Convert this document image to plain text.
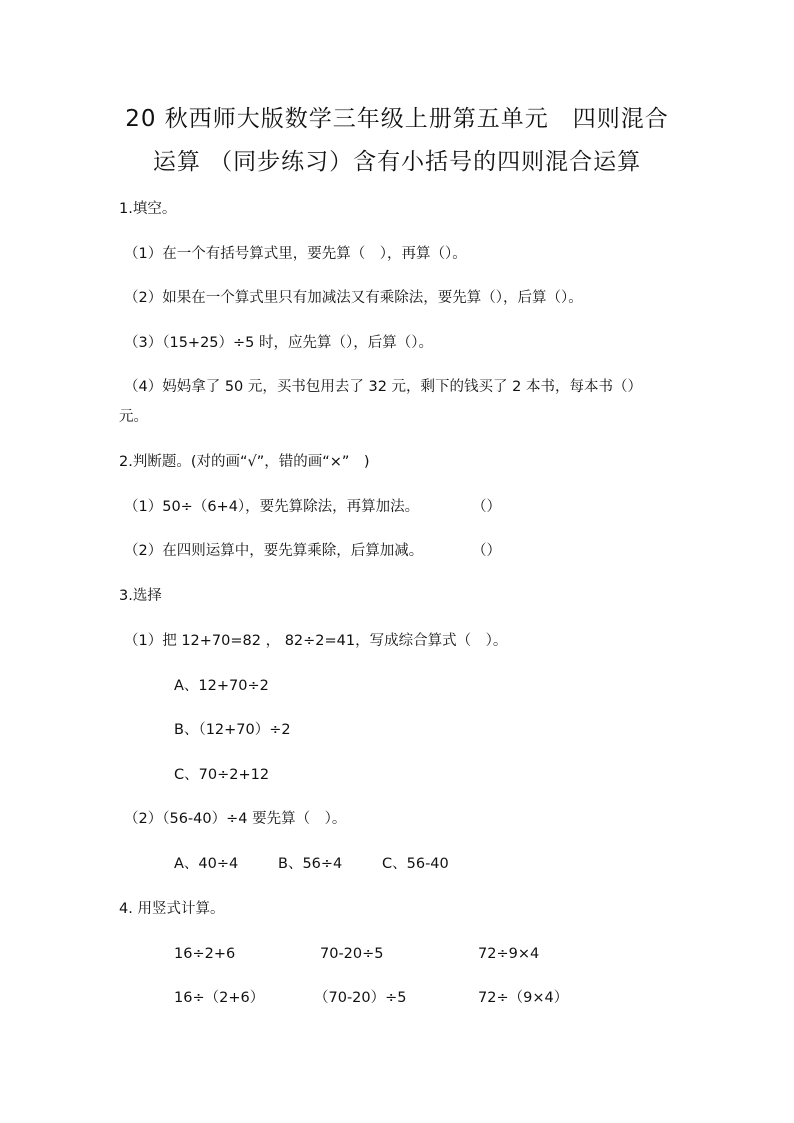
20 秋西师大版数学三年级上册第五单元　四则混合
运算 （同步练习）含有小括号的四则混合运算
1.填空。
（1）在一个有括号算式里，要先算（　），再算（）。
（2）如果在一个算式里只有加减法又有乘除法，要先算（），后算（）。
（3）（15+25）÷5 时，应先算（），后算（）。
（4）妈妈拿了 50 元，买书包用去了 32 元，剩下的钱买了 2 本书，每本书（）
元。
2.判断题。(对的画“√”，错的画“×”　)
（1）50÷（6+4），要先算除法，再算加法。	（）
（2）在四则运算中，要先算乘除，后算加减。	（）
3.选择
（1）把 12+70=82 ， 82÷2=41，写成综合算式（　）。
A、12+70÷2
B、（12+70）÷2
C、70÷2+12
（2）（56-40）÷4 要先算（　）。
A、40÷4	B、56÷4	C、56-40
4. 用竖式计算。
16÷2+6	70-20÷5	72÷9×4
16÷（2+6）	（70-20）÷5	72÷（9×4）
